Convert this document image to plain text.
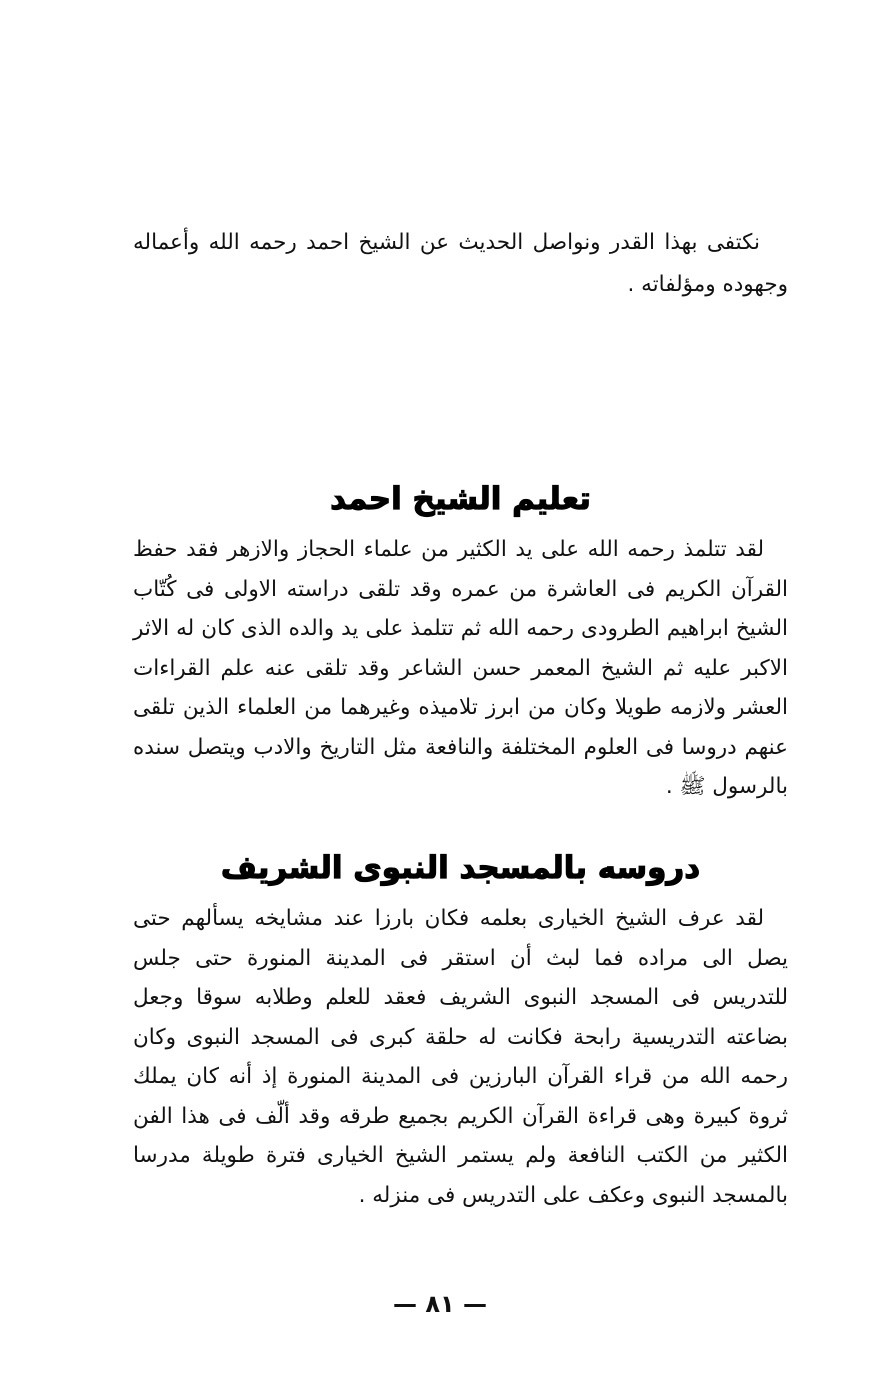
نكتفى بهذا القدر ونواصل الحديث عن الشيخ احمد رحمه الله وأعماله وجهوده ومؤلفاته .

تعليم الشيخ احمد

لقد تتلمذ رحمه الله على يد الكثير من علماء الحجاز والازهر فقد حفظ القرآن الكريم فى العاشرة من عمره وقد تلقى دراسته الاولى فى كُتّاب الشيخ ابراهيم الطرودى رحمه الله ثم تتلمذ على يد والده الذى كان له الاثر الاكبر عليه ثم الشيخ المعمر حسن الشاعر وقد تلقى عنه علم القراءات العشر ولازمه طويلا وكان من ابرز تلاميذه وغيرهما من العلماء الذين تلقى عنهم دروسا فى العلوم المختلفة والنافعة مثل التاريخ والادب ويتصل سنده بالرسول ﷺ .

دروسه بالمسجد النبوى الشريف

لقد عرف الشيخ الخيارى بعلمه فكان بارزا عند مشايخه يسألهم حتى يصل الى مراده فما لبث أن استقر فى المدينة المنورة حتى جلس للتدريس فى المسجد النبوى الشريف فعقد للعلم وطلابه سوقا وجعل بضاعته التدريسية رابحة فكانت له حلقة كبرى فى المسجد النبوى وكان رحمه الله من قراء القرآن البارزين فى المدينة المنورة إذ أنه كان يملك ثروة كبيرة وهى قراءة القرآن الكريم بجميع طرقه وقد ألّف فى هذا الفن الكثير من الكتب النافعة ولم يستمر الشيخ الخيارى فترة طويلة مدرسا بالمسجد النبوى وعكف على التدريس فى منزله .

— ٨١ —
